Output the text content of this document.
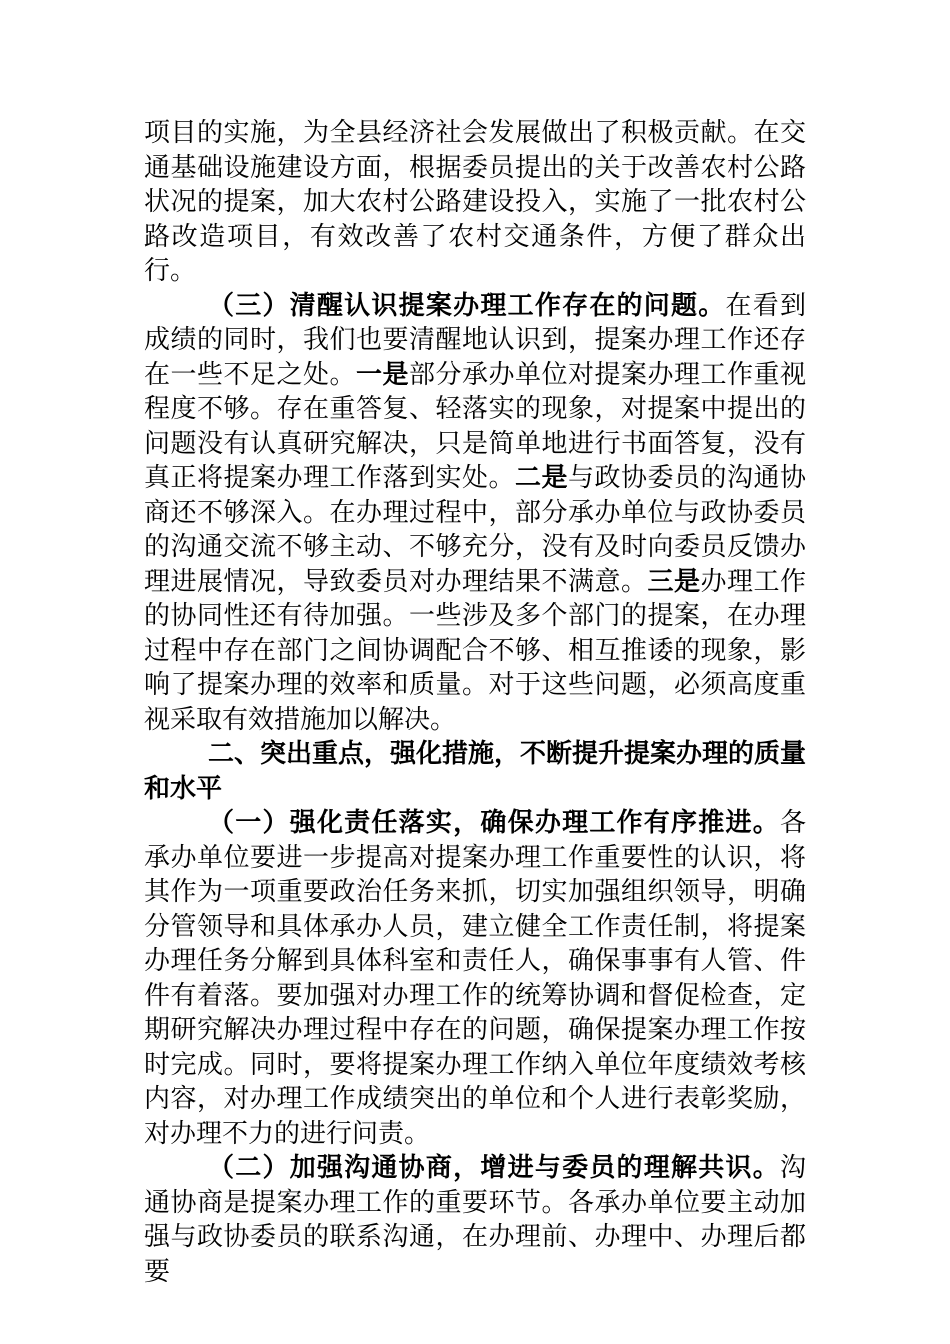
项目的实施，为全县经济社会发展做出了积极贡献。在交通基础设施建设方面，根据委员提出的关于改善农村公路状况的提案，加大农村公路建设投入，实施了一批农村公路改造项目，有效改善了农村交通条件，方便了群众出行。

（三）清醒认识提案办理工作存在的问题。在看到成绩的同时，我们也要清醒地认识到，提案办理工作还存在一些不足之处。一是部分承办单位对提案办理工作重视程度不够。存在重答复、轻落实的现象，对提案中提出的问题没有认真研究解决，只是简单地进行书面答复，没有真正将提案办理工作落到实处。二是与政协委员的沟通协商还不够深入。在办理过程中，部分承办单位与政协委员的沟通交流不够主动、不够充分，没有及时向委员反馈办理进展情况，导致委员对办理结果不满意。三是办理工作的协同性还有待加强。一些涉及多个部门的提案，在办理过程中存在部门之间协调配合不够、相互推诿的现象，影响了提案办理的效率和质量。对于这些问题，必须高度重视采取有效措施加以解决。

二、突出重点，强化措施，不断提升提案办理的质量和水平

（一）强化责任落实，确保办理工作有序推进。各承办单位要进一步提高对提案办理工作重要性的认识，将其作为一项重要政治任务来抓，切实加强组织领导，明确分管领导和具体承办人员，建立健全工作责任制，将提案办理任务分解到具体科室和责任人，确保事事有人管、件件有着落。要加强对办理工作的统筹协调和督促检查，定期研究解决办理过程中存在的问题，确保提案办理工作按时完成。同时，要将提案办理工作纳入单位年度绩效考核内容，对办理工作成绩突出的单位和个人进行表彰奖励，对办理不力的进行问责。

（二）加强沟通协商，增进与委员的理解共识。沟通协商是提案办理工作的重要环节。各承办单位要主动加强与政协委员的联系沟通，在办理前、办理中、办理后都要
